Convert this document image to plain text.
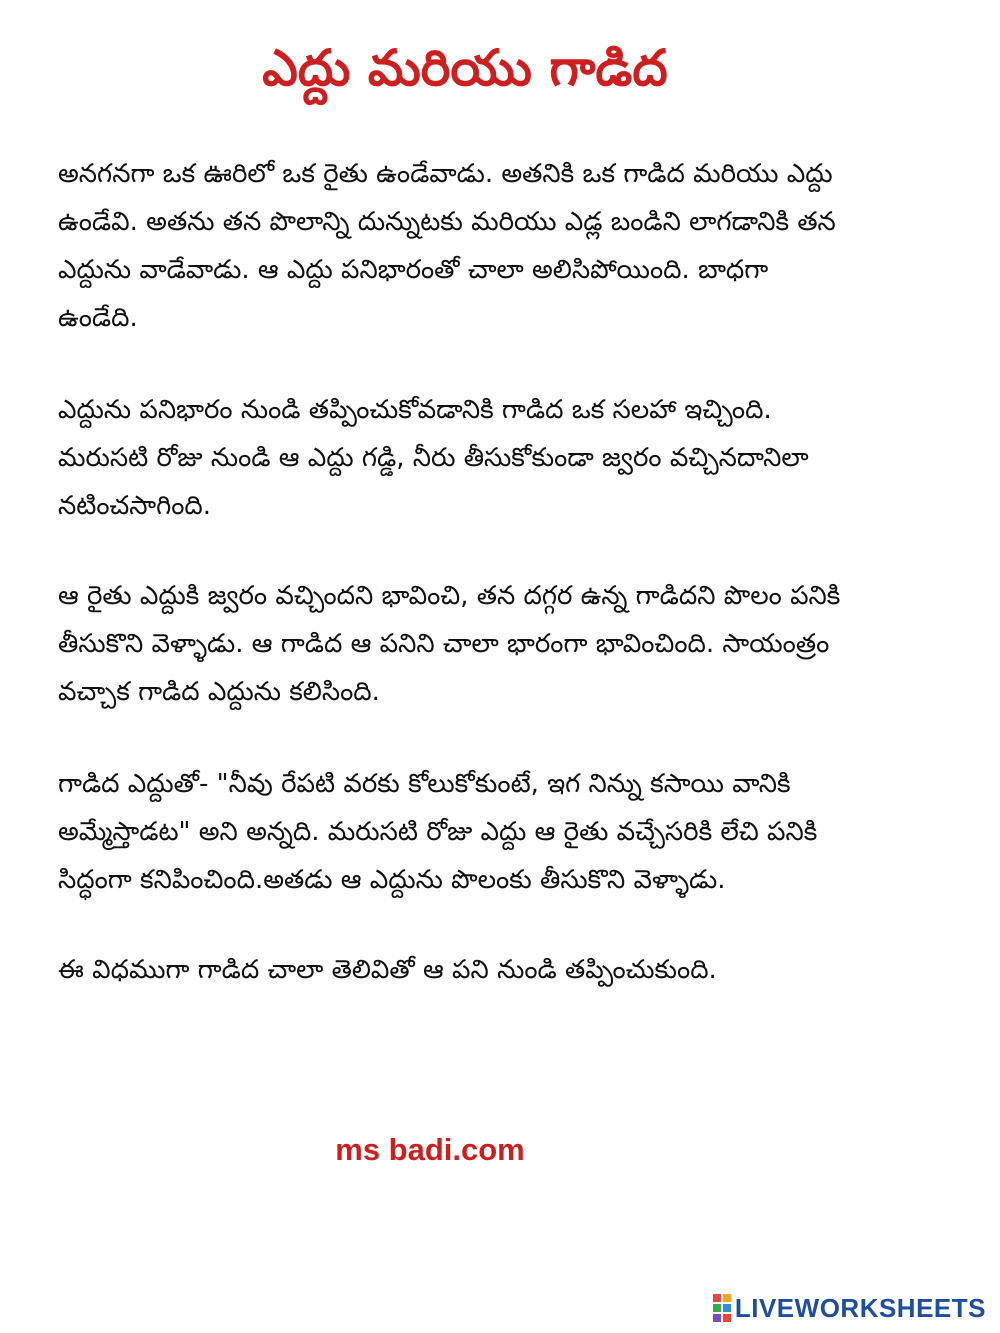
ఎద్దు మరియు గాడిద
అనగనగా ఒక ఊరిలో ఒక రైతు ఉండేవాడు. అతనికి ఒక గాడిద మరియు ఎద్దు
ఉండేవి. అతను తన పొలాన్ని దున్నుటకు మరియు ఎడ్ల బండిని లాగడానికి తన
ఎద్దును వాడేవాడు. ఆ ఎద్దు పనిభారంతో చాలా అలిసిపోయింది. బాధగా
ఉండేది.
ఎద్దును పనిభారం నుండి తప్పించుకోవడానికి గాడిద ఒక సలహా ఇచ్చింది.
మరుసటి రోజు నుండి ఆ ఎద్దు గడ్డి, నీరు తీసుకోకుండా జ్వరం వచ్చినదానిలా
నటించసాగింది.
ఆ రైతు ఎద్దుకి జ్వరం వచ్చిందని భావించి, తన దగ్గర ఉన్న గాడిదని పొలం పనికి
తీసుకొని వెళ్ళాడు. ఆ గాడిద ఆ పనిని చాలా భారంగా భావించింది. సాయంత్రం
వచ్చాక గాడిద ఎద్దును కలిసింది.
గాడిద ఎద్దుతో- "నీవు రేపటి వరకు కోలుకోకుంటే, ఇగ నిన్ను కసాయి వానికి
అమ్మేస్తాడట" అని అన్నది. మరుసటి రోజు ఎద్దు ఆ రైతు వచ్చేసరికి లేచి పనికి
సిద్ధంగా కనిపించింది.అతడు ఆ ఎద్దును పొలంకు తీసుకొని వెళ్ళాడు.
ఈ విధముగా గాడిద చాలా తెలివితో ఆ పని నుండి తప్పించుకుంది.
ms badi.com
LIVEWORKSHEETS
